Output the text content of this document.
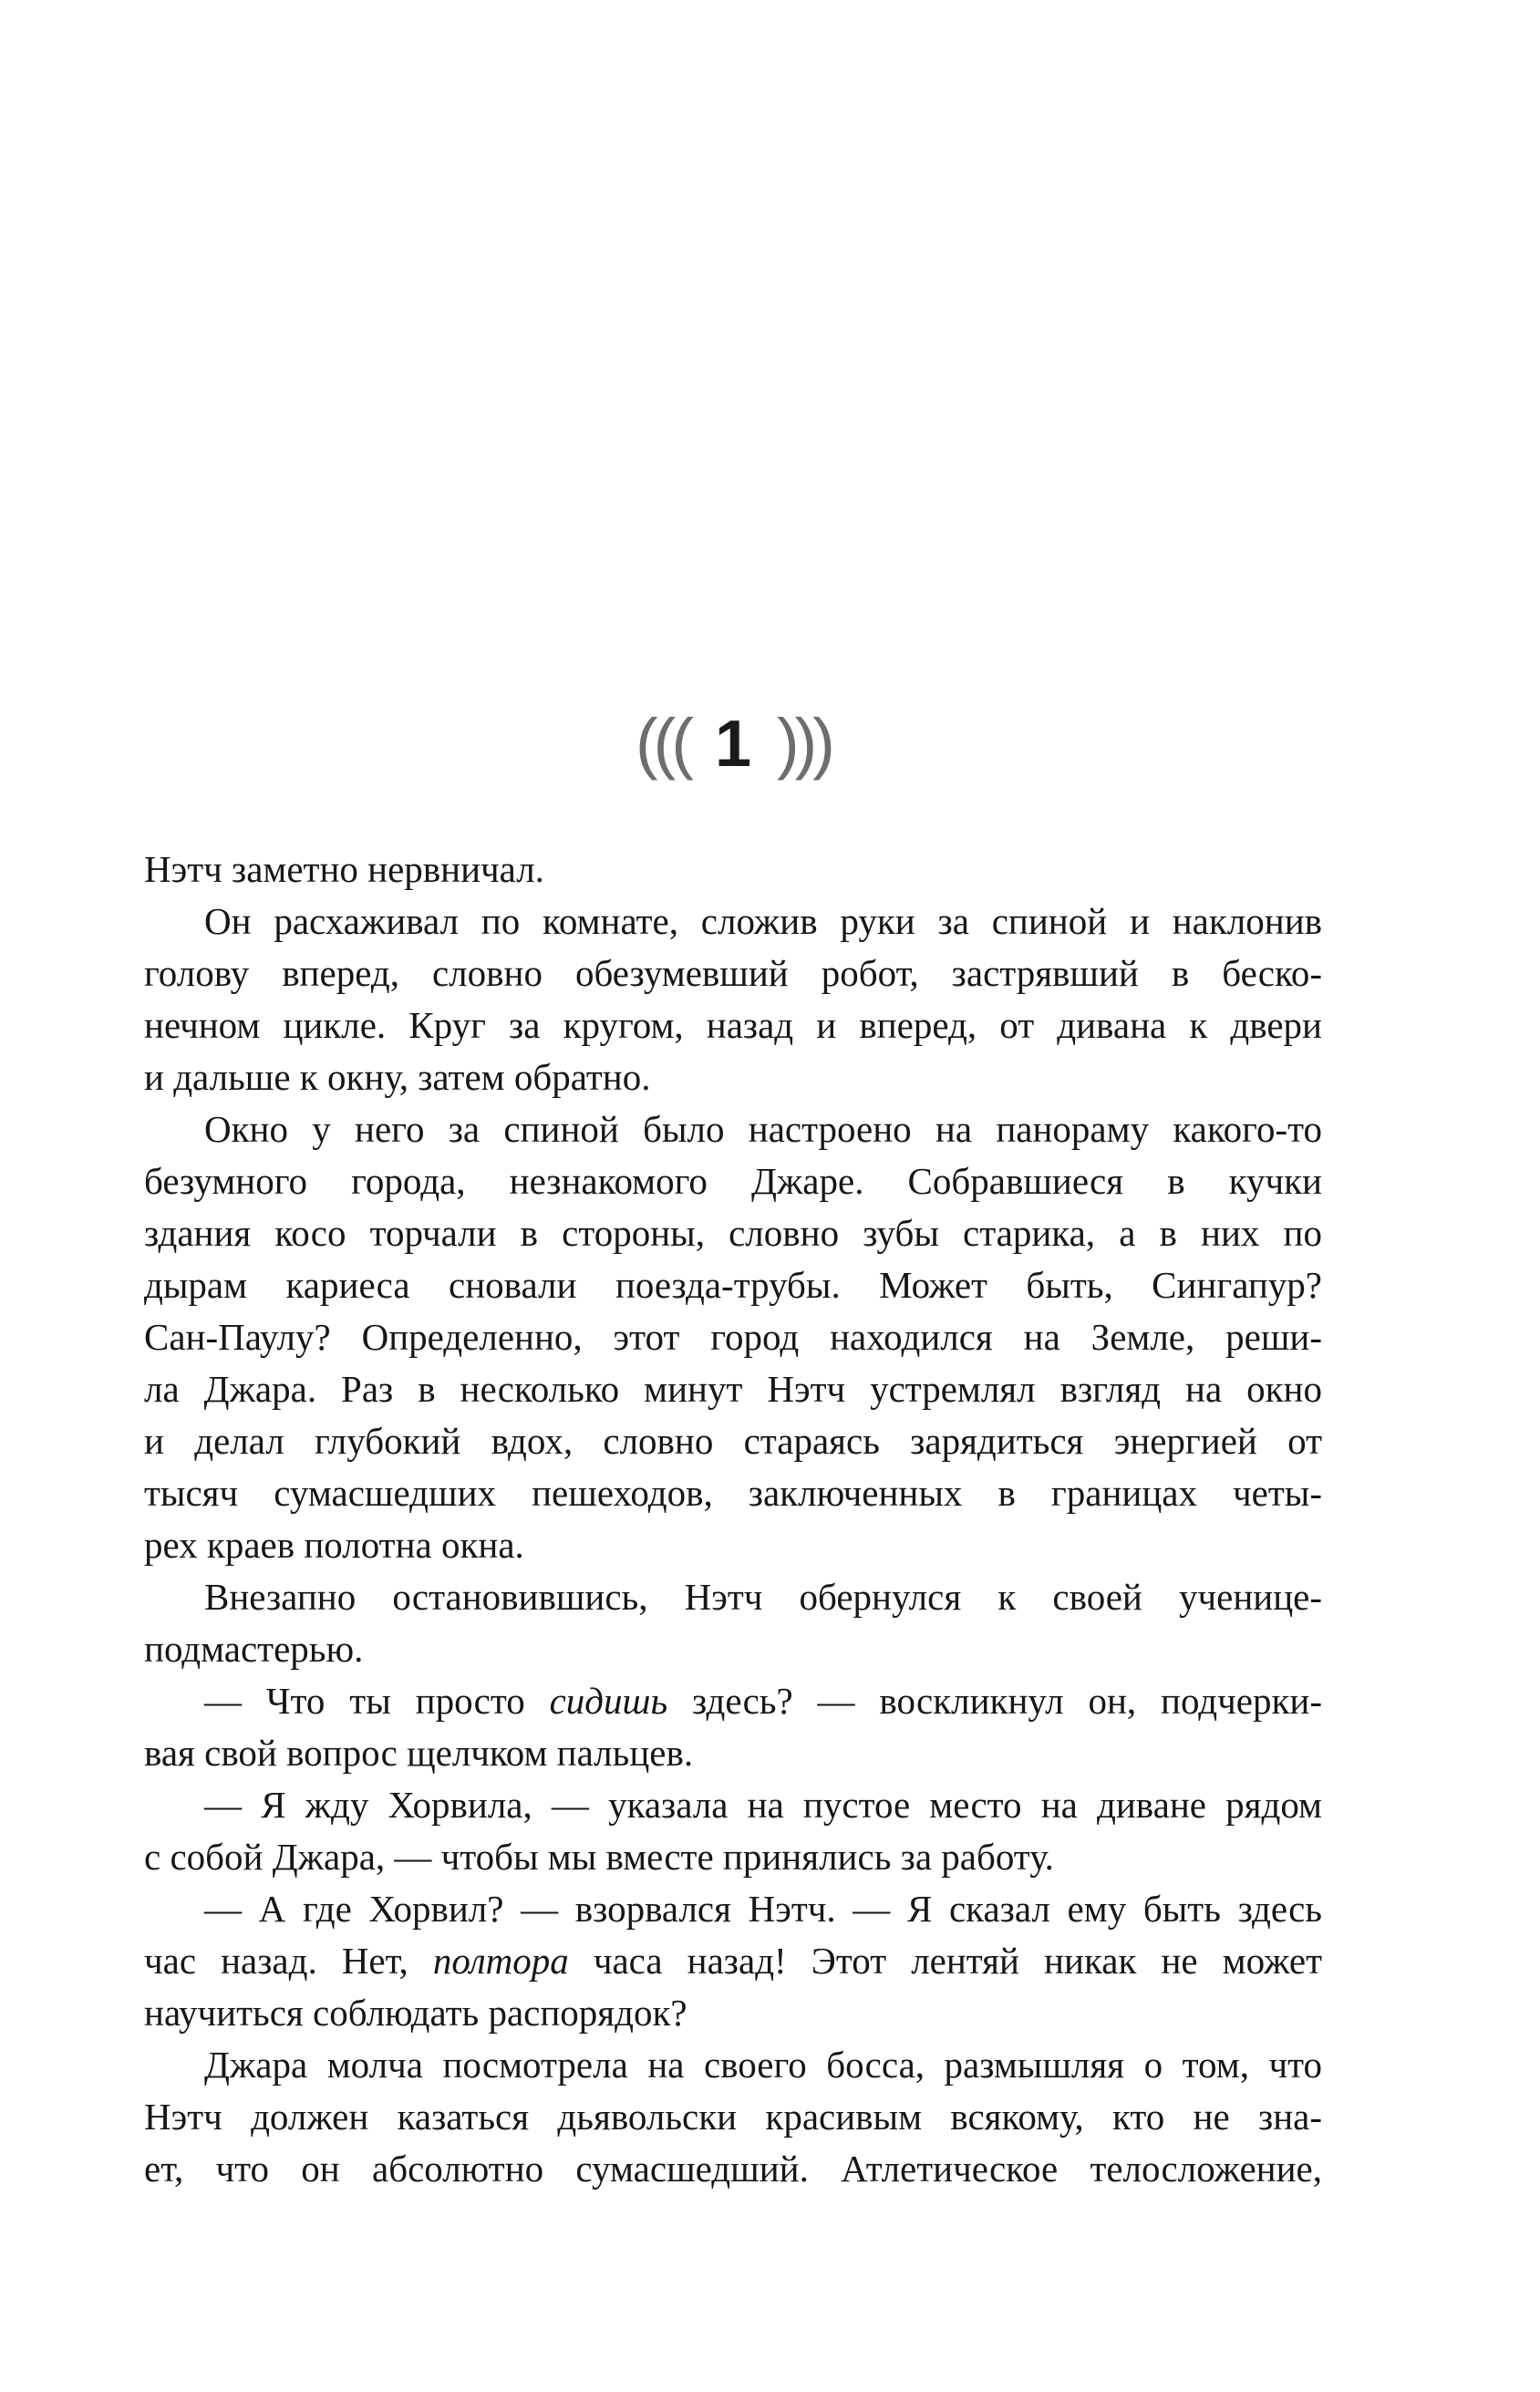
((( 1 )))
Нэтч заметно нервничал.
Он расхаживал по комнате, сложив руки за спиной и наклонив
голову вперед, словно обезумевший робот, застрявший в беско-
нечном цикле. Круг за кругом, назад и вперед, от дивана к двери
и дальше к окну, затем обратно.
Окно у него за спиной было настроено на панораму какого-то
безумного города, незнакомого Джаре. Собравшиеся в кучки
здания косо торчали в стороны, словно зубы старика, а в них по
дырам кариеса сновали поезда-трубы. Может быть, Сингапур?
Сан-Паулу? Определенно, этот город находился на Земле, реши-
ла Джара. Раз в несколько минут Нэтч устремлял взгляд на окно
и делал глубокий вдох, словно стараясь зарядиться энергией от
тысяч сумасшедших пешеходов, заключенных в границах четы-
рех краев полотна окна.
Внезапно остановившись, Нэтч обернулся к своей ученице-
подмастерью.
— Что ты просто сидишь здесь? — воскликнул он, подчерки-
вая свой вопрос щелчком пальцев.
— Я жду Хорвила, — указала на пустое место на диване рядом
с собой Джара, — чтобы мы вместе принялись за работу.
— А где Хорвил? — взорвался Нэтч. — Я сказал ему быть здесь
час назад. Нет, полтора часа назад! Этот лентяй никак не может
научиться соблюдать распорядок?
Джара молча посмотрела на своего босса, размышляя о том, что
Нэтч должен казаться дьявольски красивым всякому, кто не зна-
ет, что он абсолютно сумасшедший. Атлетическое телосложение,
